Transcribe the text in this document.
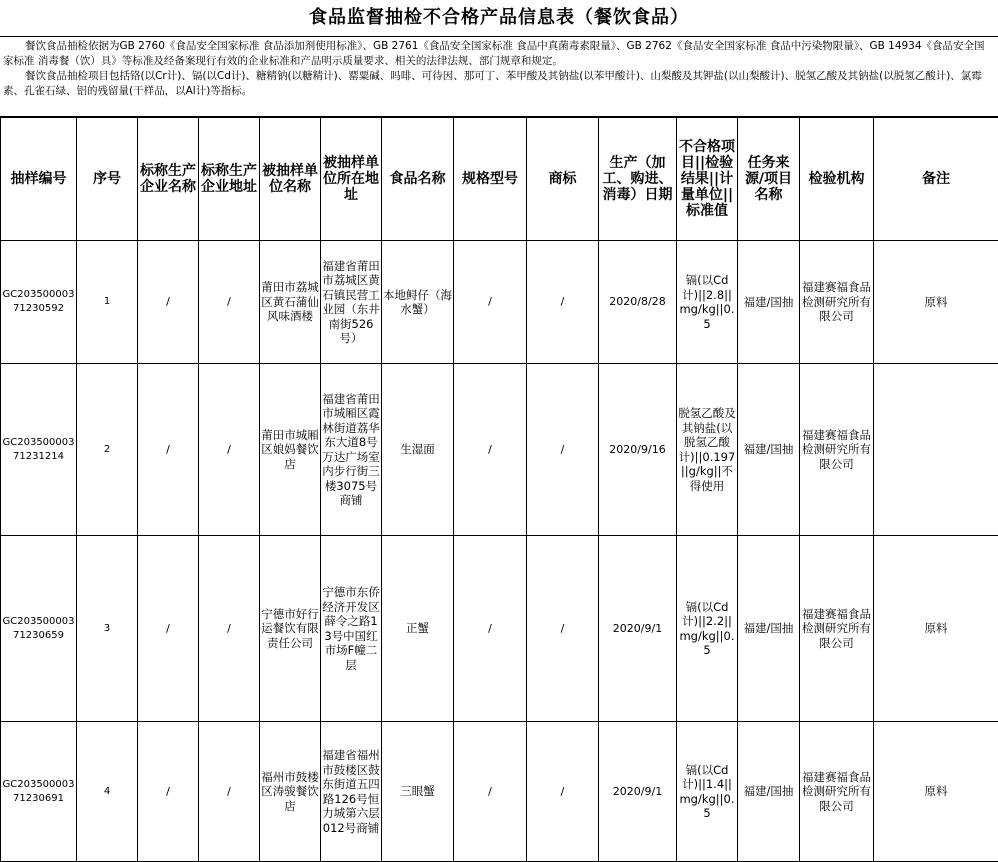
食品监督抽检不合格产品信息表（餐饮食品）

餐饮食品抽检依据为GB 2760《食品安全国家标准 食品添加剂使用标准》、GB 2761《食品安全国家标准 食品中真菌毒素限量》、GB 2762《食品安全国家标准 食品中污染物限量》、GB 14934《食品安全国家标准 消毒餐（饮）具》等标准及经备案现行有效的企业标准和产品明示质量要求、相关的法律法规、部门规章和规定。

餐饮食品抽检项目包括铬(以Cr计)、镉(以Cd计)、糖精钠(以糖精计)、罂粟碱、吗啡、可待因、那可丁、苯甲酸及其钠盐(以苯甲酸计)、山梨酸及其钾盐(以山梨酸计)、脱氢乙酸及其钠盐(以脱氢乙酸计)、氯霉素、孔雀石绿、铝的残留量(干样品，以Al计)等指标。

抽样编号	序号	标称生产企业名称	标称生产企业地址	被抽样单位名称	被抽样单位所在地址	食品名称	规格型号	商标	生产（加工、购进、消毒）日期	不合格项目||检验结果||计量单位||标准值	任务来源/项目名称	检验机构	备注
GC20350000371230592	1	/	/	莆田市荔城区黄石蒲仙风味酒楼	福建省莆田市荔城区黄石镇民营工业园（东井南街526号）	本地鲟仔（海水蟹）	/	/	2020/8/28	镉(以Cd计)||2.8||mg/kg||0.5	福建/国抽	福建赛福食品检测研究所有限公司	原料
GC20350000371231214	2	/	/	莆田市城厢区娘妈餐饮店	福建省莆田市城厢区霞林街道荔华东大道8号万达广场室内步行街三楼3075号商铺	生湿面	/	/	2020/9/16	脱氢乙酸及其钠盐(以脱氢乙酸计)||0.197||g/kg||不得使用	福建/国抽	福建赛福食品检测研究所有限公司	
GC20350000371230659	3	/	/	宁德市好行运餐饮有限责任公司	宁德市东侨经济开发区薛令之路13号中国红市场F幢二层	正蟹	/	/	2020/9/1	镉(以Cd计)||2.2||mg/kg||0.5	福建/国抽	福建赛福食品检测研究所有限公司	原料
GC20350000371230691	4	/	/	福州市鼓楼区涛骏餐饮店	福建省福州市鼓楼区鼓东街道五四路126号恒力城第六层012号商铺	三眼蟹	/	/	2020/9/1	镉(以Cd计)||1.4||mg/kg||0.5	福建/国抽	福建赛福食品检测研究所有限公司	原料
